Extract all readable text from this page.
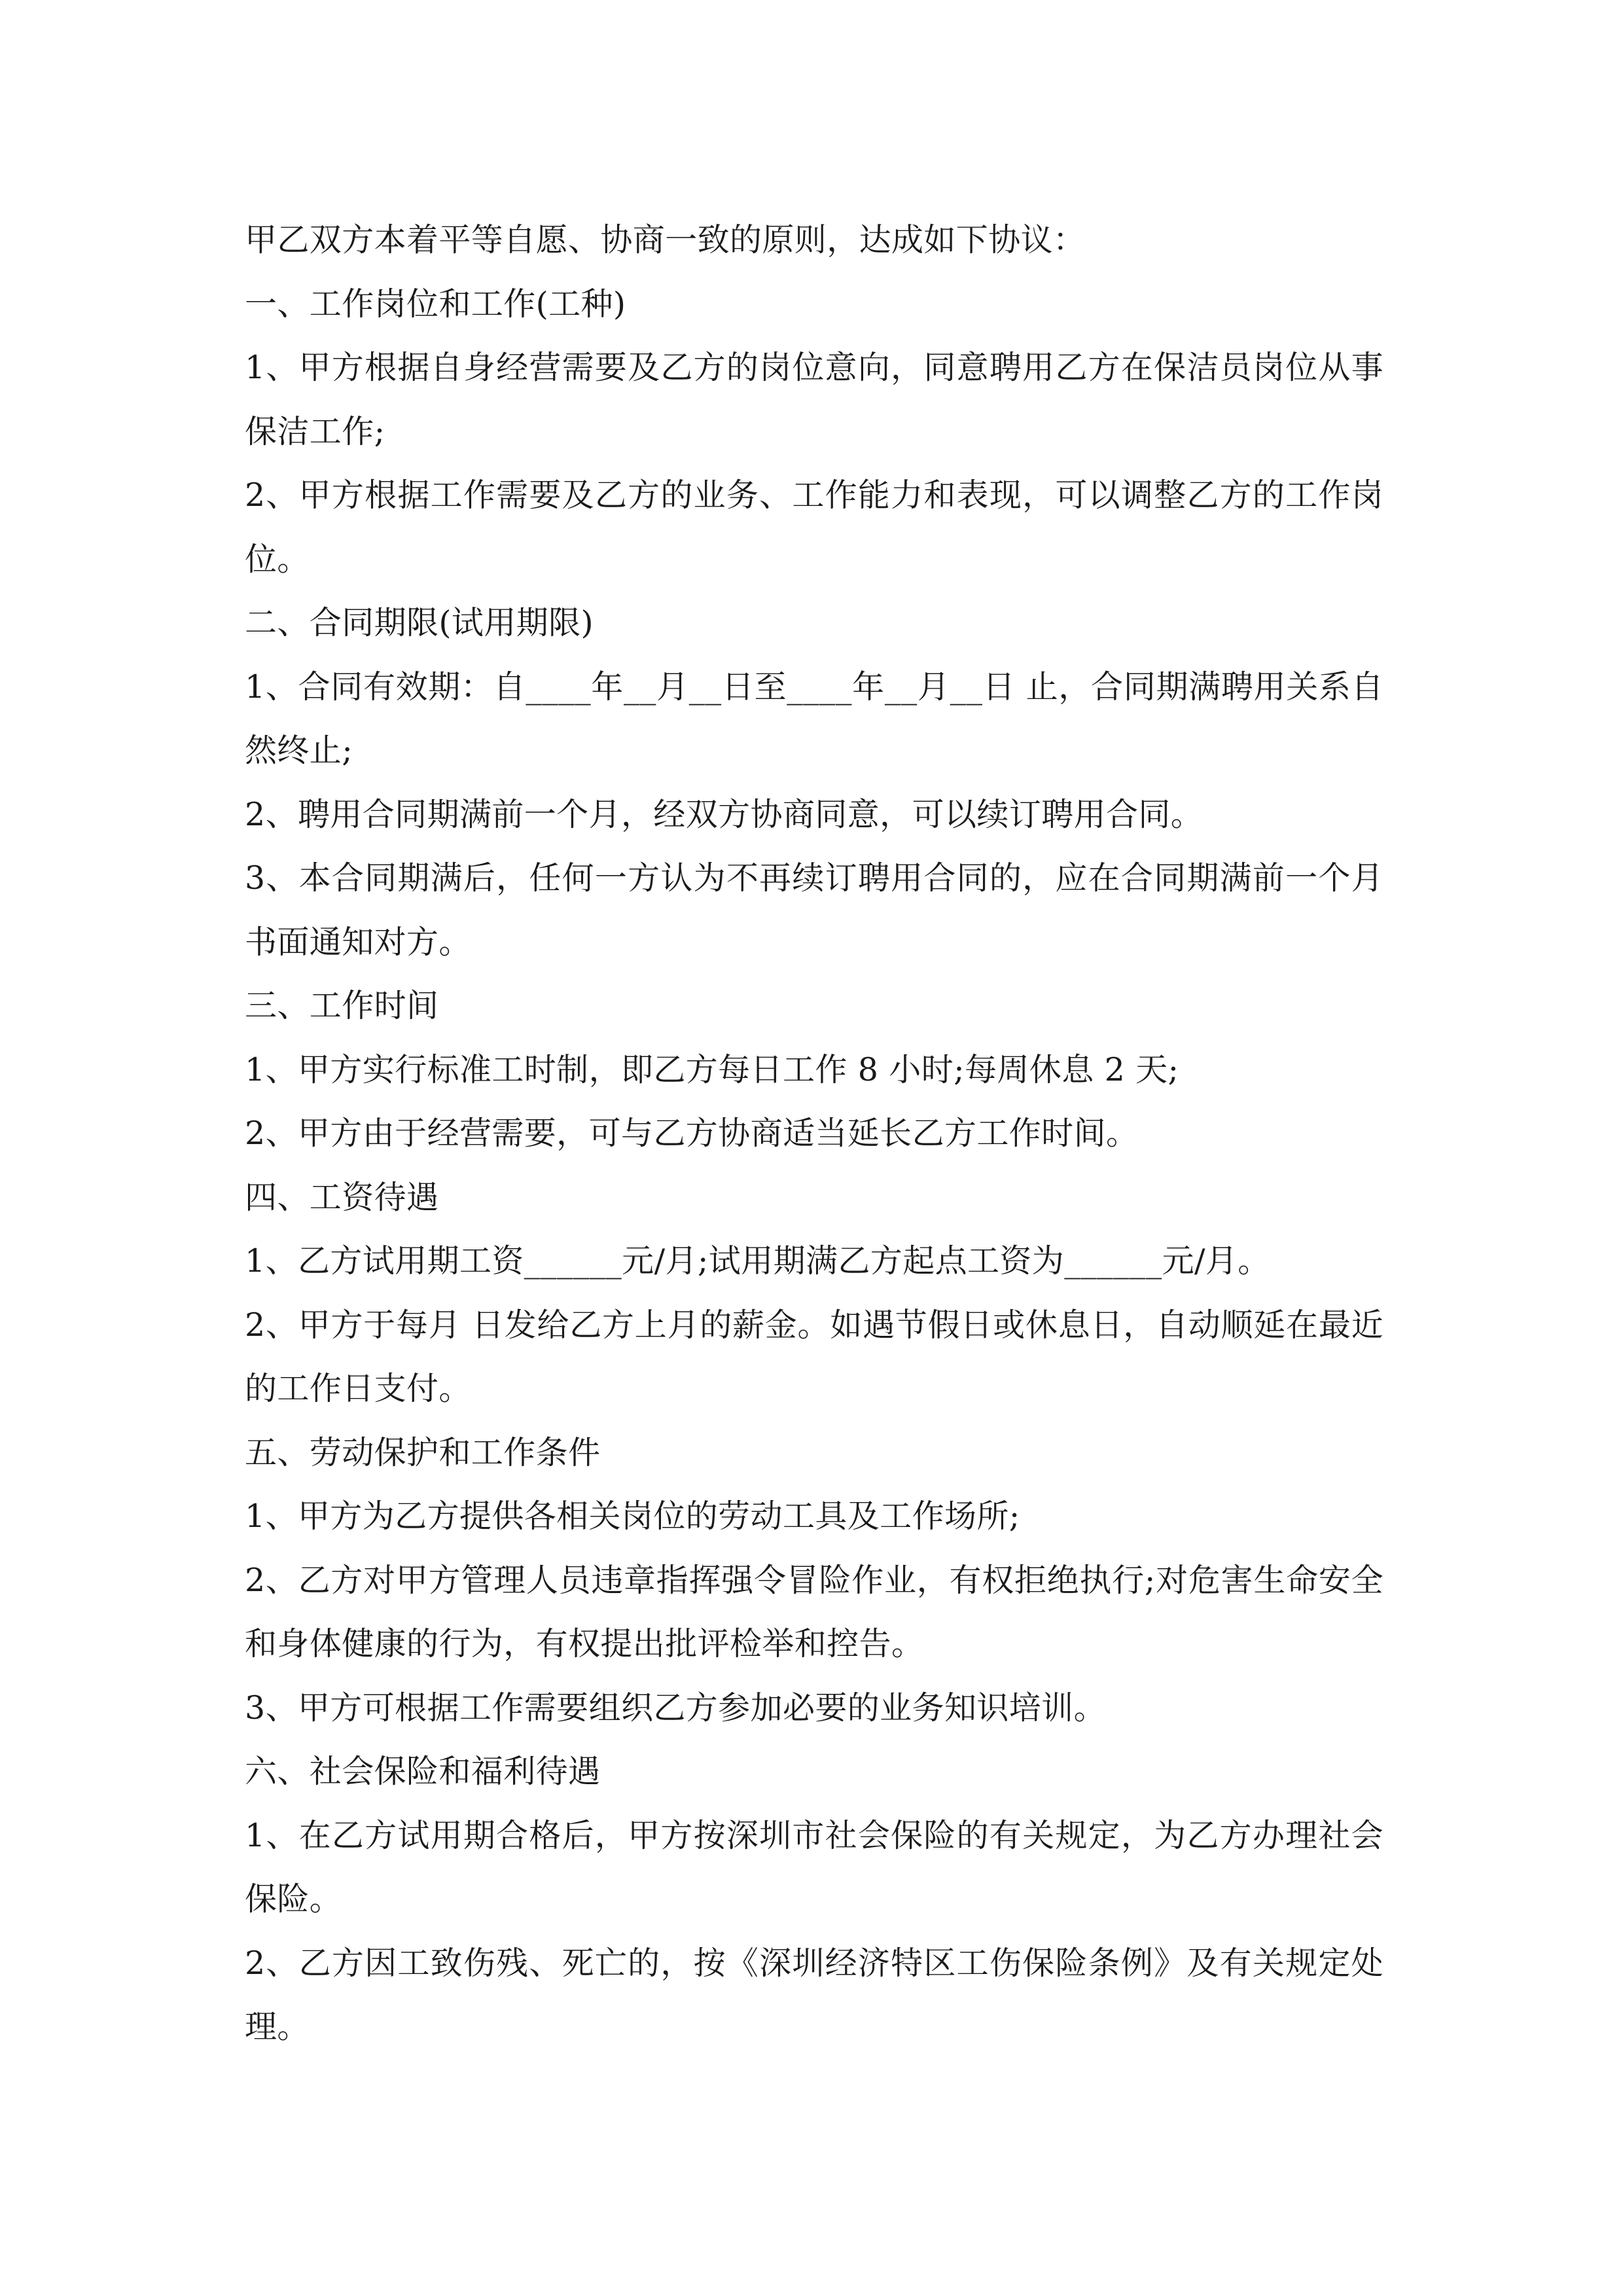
甲乙双方本着平等自愿、协商一致的原则，达成如下协议：
一、工作岗位和工作(工种)
1、甲方根据自身经营需要及乙方的岗位意向，同意聘用乙方在保洁员岗位从事
保洁工作;
2、甲方根据工作需要及乙方的业务、工作能力和表现，可以调整乙方的工作岗
位。
二、合同期限(试用期限)
1、合同有效期：自____年__月__日至____年__月__日 止，合同期满聘用关系自
然终止;
2、聘用合同期满前一个月，经双方协商同意，可以续订聘用合同。
3、本合同期满后，任何一方认为不再续订聘用合同的，应在合同期满前一个月
书面通知对方。
三、工作时间
1、甲方实行标准工时制，即乙方每日工作 8 小时;每周休息 2 天;
2、甲方由于经营需要，可与乙方协商适当延长乙方工作时间。
四、工资待遇
1、乙方试用期工资______元/月;试用期满乙方起点工资为______元/月。
2、甲方于每月 日发给乙方上月的薪金。如遇节假日或休息日，自动顺延在最近
的工作日支付。
五、劳动保护和工作条件
1、甲方为乙方提供各相关岗位的劳动工具及工作场所;
2、乙方对甲方管理人员违章指挥强令冒险作业，有权拒绝执行;对危害生命安全
和身体健康的行为，有权提出批评检举和控告。
3、甲方可根据工作需要组织乙方参加必要的业务知识培训。
六、社会保险和福利待遇
1、在乙方试用期合格后，甲方按深圳市社会保险的有关规定，为乙方办理社会
保险。
2、乙方因工致伤残、死亡的，按《深圳经济特区工伤保险条例》及有关规定处
理。
